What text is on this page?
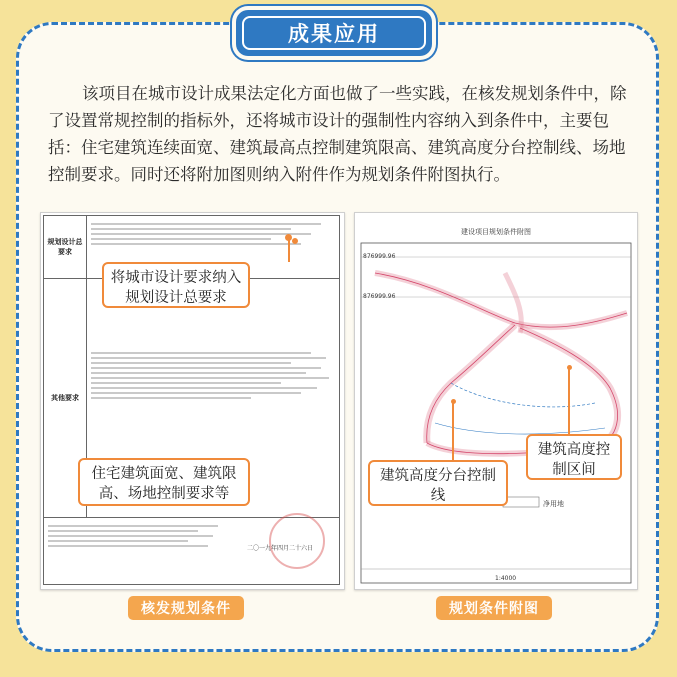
成果应用

该项目在城市设计成果法定化方面也做了一些实践，在核发规划条件中，除了设置常规控制的指标外，还将城市设计的强制性内容纳入到条件中，主要包括：住宅建筑连续面宽、建筑最高点控制建筑限高、建筑高度分台控制线、场地控制要求。同时还将附加图则纳入附件作为规划条件附图执行。

规划设计总要求
其他要求
二〇一九年四月二十六日
将城市设计要求纳入规划设计总要求
住宅建筑面宽、建筑限高、场地控制要求等
核发规划条件
建设项目规划条件附图
876999.96
876999.96
1:4000
净用地
建筑高度分台控制线
建筑高度控制区间
规划条件附图
